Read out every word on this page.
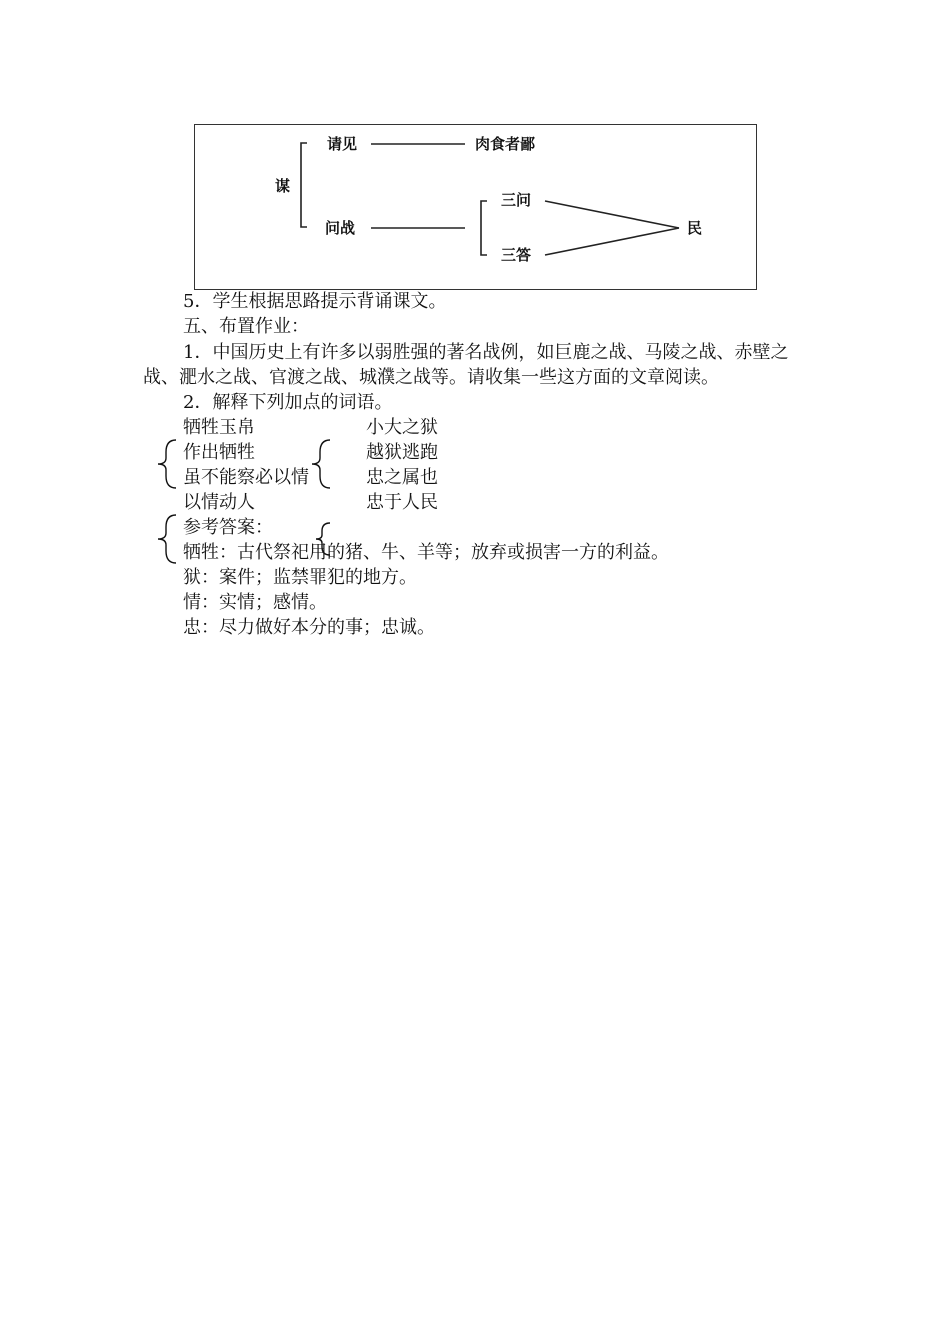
谋
请见	肉食者鄙
问战
三问
三答
民
5．学生根据思路提示背诵课文。
五、布置作业：
1．中国历史上有许多以弱胜强的著名战例，如巨鹿之战、马陵之战、赤壁之
战、淝水之战、官渡之战、城濮之战等。请收集一些这方面的文章阅读。
2．解释下列加点的词语。
牺牲玉帛
作出牺牲
虽不能察必以情
以情动人
小大之狱
越狱逃跑
忠之属也
忠于人民
参考答案：
牺牲：古代祭祀用的猪、牛、羊等；放弃或损害一方的利益。
狱：案件；监禁罪犯的地方。
情：实情；感情。
忠：尽力做好本分的事；忠诚。
